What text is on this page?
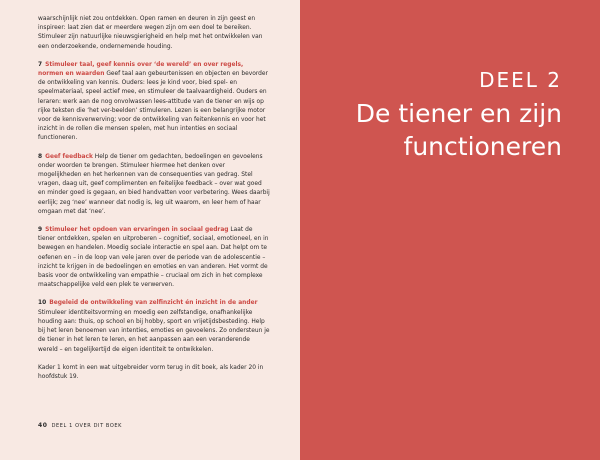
waarschijnlijk niet zou ontdekken. Open ramen en deuren in zijn geest en inspireer: laat zien dat er meerdere wegen zijn om een doel te bereiken. Stimuleer zijn natuurlijke nieuwsgierigheid en help met het ontwikkelen van een onderzoekende, ondernemende houding.

7 Stimuleer taal, geef kennis over ‘de wereld’ en over regels, normen en waarden Geef taal aan gebeurtenissen en objecten en bevorder de ontwikkeling van kennis. Ouders: lees je kind voor, bied spel- en speelmateriaal, speel actief mee, en stimuleer de taalvaardigheid. Ouders en leraren: werk aan de nog onvolwassen lees-attitude van de tiener en wijs op rijke teksten die ‘het ver-beelden’ stimuleren. Lezen is een belangrijke motor voor de kennisverwerving; voor de ontwikkeling van feitenkennis en voor het inzicht in de rollen die mensen spelen, met hun intenties en sociaal functioneren.

8 Geef feedback Help de tiener om gedachten, bedoelingen en gevoelens onder woorden te brengen. Stimuleer hiermee het denken over mogelijkheden en het herkennen van de consequenties van gedrag. Stel vragen, daag uit, geef complimenten en feitelijke feedback – over wat goed en minder goed is gegaan, en bied handvatten voor verbetering. Wees daarbij eerlijk; zeg ‘nee’ wanneer dat nodig is, leg uit waarom, en leer hem of haar omgaan met dat ‘nee’.

9 Stimuleer het opdoen van ervaringen in sociaal gedrag Laat de tiener ontdekken, spelen en uitproberen – cognitief, sociaal, emotioneel, en in bewegen en handelen. Moedig sociale interactie en spel aan. Dat helpt om te oefenen en – in de loop van vele jaren over de periode van de adolescentie – inzicht te krijgen in de bedoelingen en emoties en van anderen. Het vormt de basis voor de ontwikkeling van empathie – cruciaal om zich in het complexe maatschappelijke veld een plek te verwerven.

10 Begeleid de ontwikkeling van zelfinzicht én inzicht in de ander Stimuleer identiteitsvorming en moedig een zelfstandige, onafhankelijke houding aan: thuis, op school en bij hobby, sport en vrijetijdsbesteding. Help bij het leren benoemen van intenties, emoties en gevoelens. Zo ondersteun je de tiener in het leren te leren, en het aanpassen aan een veranderende wereld – en tegelijkertijd de eigen identiteit te ontwikkelen.

Kader 1 komt in een wat uitgebreider vorm terug in dit boek, als kader 20 in hoofdstuk 19.

40 DEEL 1 OVER DIT BOEK
DEEL 2
De tiener en zijn
functioneren
